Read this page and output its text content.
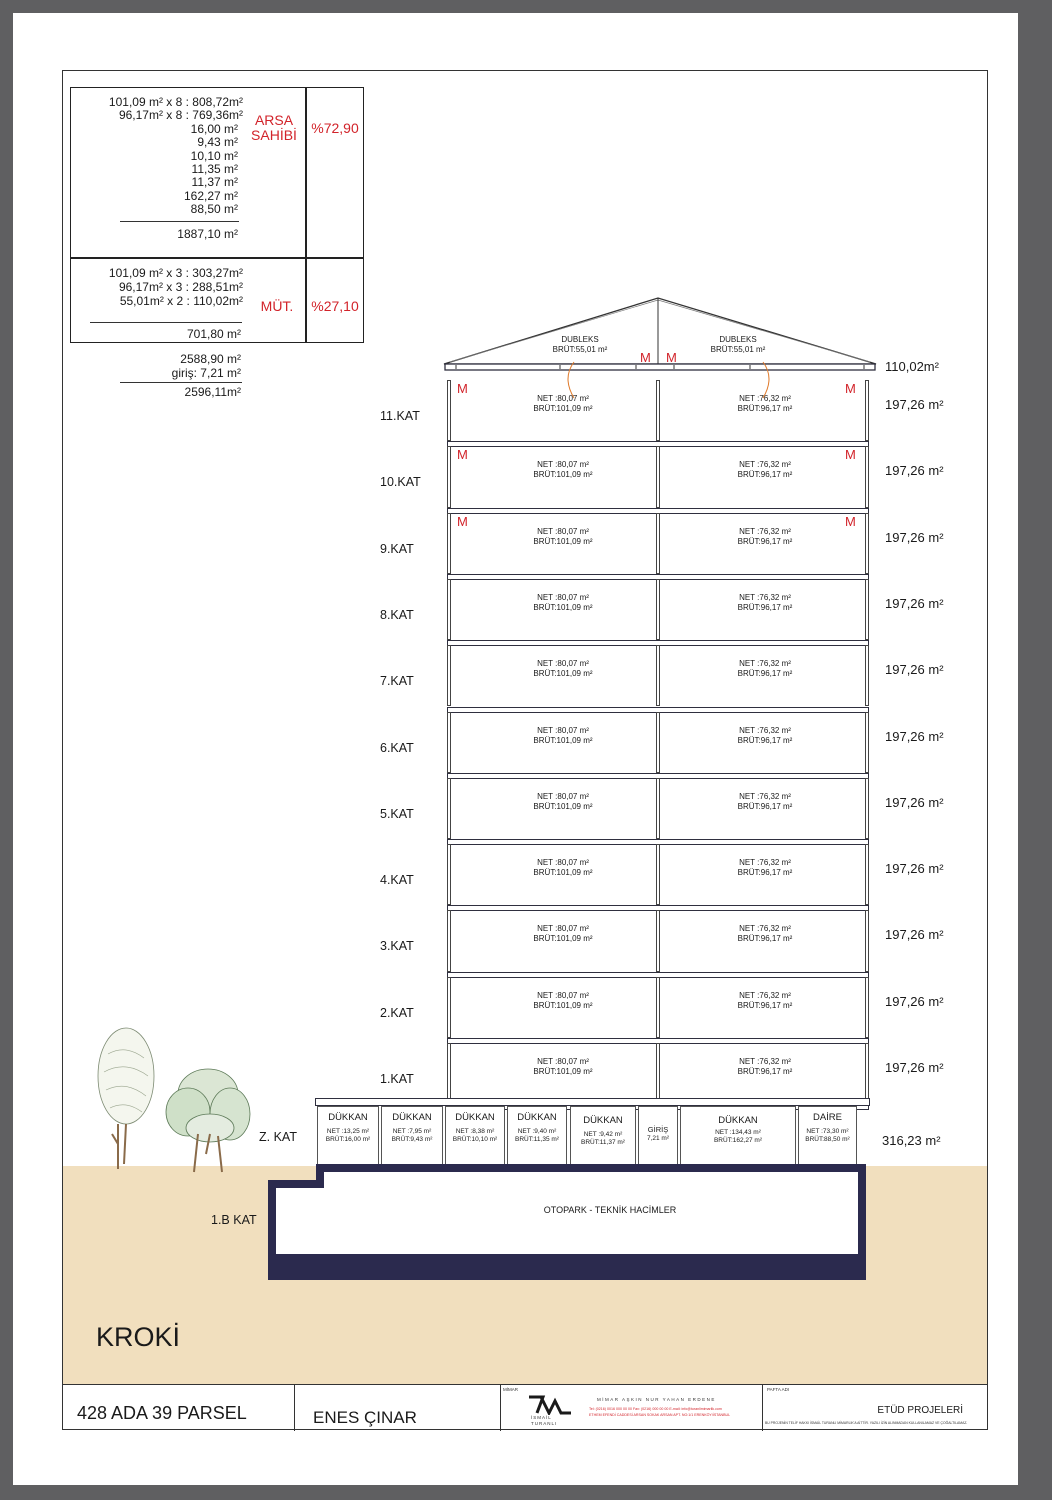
101,09 m² x 8 : 808,72m²
96,17m² x 8 : 769,36m²
16,00 m²
9,43 m²
10,10 m²
11,35 m²
11,37 m²
162,27 m²
88,50 m²
1887,10 m²
ARSA
SAHİBİ	%72,90
101,09 m² x 3 : 303,27m²
96,17m² x 3 : 288,51m²
55,01m² x 2 : 110,02m²
701,80 m²
MÜT.	%27,10
2588,90 m²
giriş: 7,21 m²
2596,11m²
DUBLEKS
BRÜT:55,01 m²
DUBLEKS
BRÜT:55,01 m²
M M
110,02m²
11.KAT
197,26 m²
NET :80,07 m²
BRÜT:101,09 m²
NET :76,32 m²
BRÜT:96,17 m²
M	M
10.KAT
197,26 m²
NET :80,07 m²
BRÜT:101,09 m²
NET :76,32 m²
BRÜT:96,17 m²
M	M
9.KAT
197,26 m²
NET :80,07 m²
BRÜT:101,09 m²
NET :76,32 m²
BRÜT:96,17 m²
M	M
8.KAT
197,26 m²
NET :80,07 m²
BRÜT:101,09 m²
NET :76,32 m²
BRÜT:96,17 m²
7.KAT
197,26 m²
NET :80,07 m²
BRÜT:101,09 m²
NET :76,32 m²
BRÜT:96,17 m²
6.KAT
197,26 m²
NET :80,07 m²
BRÜT:101,09 m²
NET :76,32 m²
BRÜT:96,17 m²
5.KAT
197,26 m²
NET :80,07 m²
BRÜT:101,09 m²
NET :76,32 m²
BRÜT:96,17 m²
4.KAT
197,26 m²
NET :80,07 m²
BRÜT:101,09 m²
NET :76,32 m²
BRÜT:96,17 m²
3.KAT
197,26 m²
NET :80,07 m²
BRÜT:101,09 m²
NET :76,32 m²
BRÜT:96,17 m²
2.KAT
197,26 m²
NET :80,07 m²
BRÜT:101,09 m²
NET :76,32 m²
BRÜT:96,17 m²
1.KAT
197,26 m²
NET :80,07 m²
BRÜT:101,09 m²
NET :76,32 m²
BRÜT:96,17 m²
Z. KAT	316,23 m²
DÜKKAN
NET :13,25 m²
BRÜT:16,00 m²
DÜKKAN
NET :7,95 m²
BRÜT:9,43 m²
DÜKKAN
NET :8,38 m²
BRÜT:10,10 m²
DÜKKAN
NET :9,40 m²
BRÜT:11,35 m²
DÜKKAN
NET :9,42 m²
BRÜT:11,37 m²
GİRİŞ
7,21 m²
DÜKKAN
NET :134,43 m²
BRÜT:162,27 m²
DAİRE
NET :73,30 m²
BRÜT:88,50 m²
1.B KAT
OTOPARK - TEKNİK HACİMLER
KROKİ
428 ADA 39 PARSEL	ENES ÇINAR
MİMAR
İSMAİL
TURANLI
MİMAR AŞKIN NUR YAHAN ERDENE
Tel: (0216) 0016 000 00 00 Fax: (0216) 000 00 00 E-mail: info@turanlimimarlik.com
ETHEM EFENDİ CADDESİ ARSAN SOKAK ARSAN APT. NO:1/1 ERENKÖY/İSTANBUL
PAFTA ADI
ETÜD PROJELERİ
BU PROJENİN TELİF HAKKI İSMAİL TURANLI MİMARLIK'A AİTTİR. YAZILI İZİN ALINMADAN KULLANILAMAZ VE ÇOĞALTILAMAZ.
